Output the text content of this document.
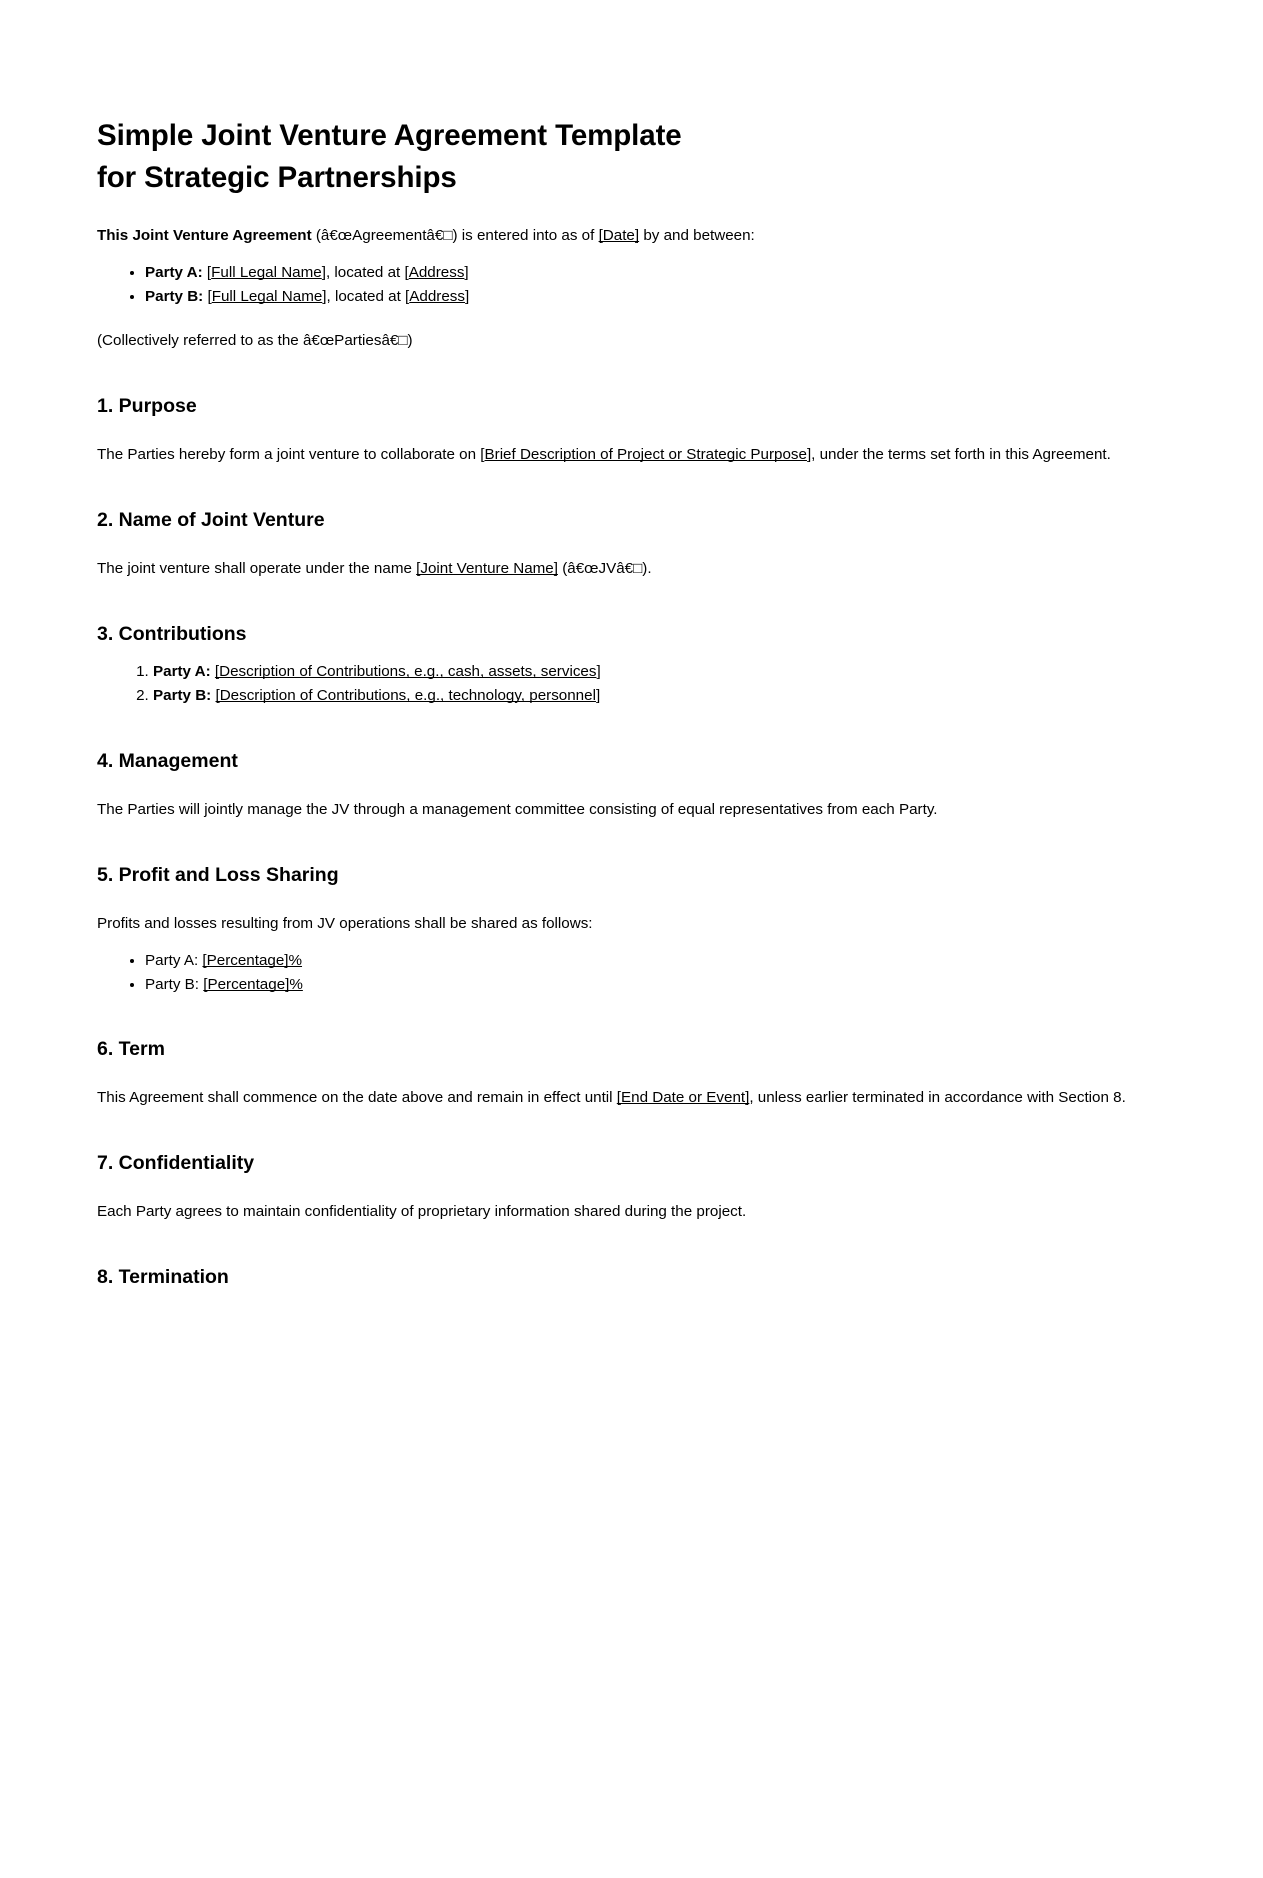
Simple Joint Venture Agreement Template
for Strategic Partnerships

This Joint Venture Agreement (â€œAgreementâ€□) is entered into as of [Date] by and between:

• Party A: [Full Legal Name], located at [Address]
• Party B: [Full Legal Name], located at [Address]

(Collectively referred to as the â€œPartiesâ€□)

1. Purpose

The Parties hereby form a joint venture to collaborate on [Brief Description of Project or Strategic Purpose], under the terms set forth in this Agreement.

2. Name of Joint Venture

The joint venture shall operate under the name [Joint Venture Name] (â€œJVâ€□).

3. Contributions
1. Party A: [Description of Contributions, e.g., cash, assets, services]
2. Party B: [Description of Contributions, e.g., technology, personnel]
4. Management

The Parties will jointly manage the JV through a management committee consisting of equal representatives from each Party.

5. Profit and Loss Sharing

Profits and losses resulting from JV operations shall be shared as follows:

• Party A: [Percentage]%
• Party B: [Percentage]%
6. Term

This Agreement shall commence on the date above and remain in effect until [End Date or Event], unless earlier terminated in accordance with Section 8.

7. Confidentiality

Each Party agrees to maintain confidentiality of proprietary information shared during the project.

8. Termination
